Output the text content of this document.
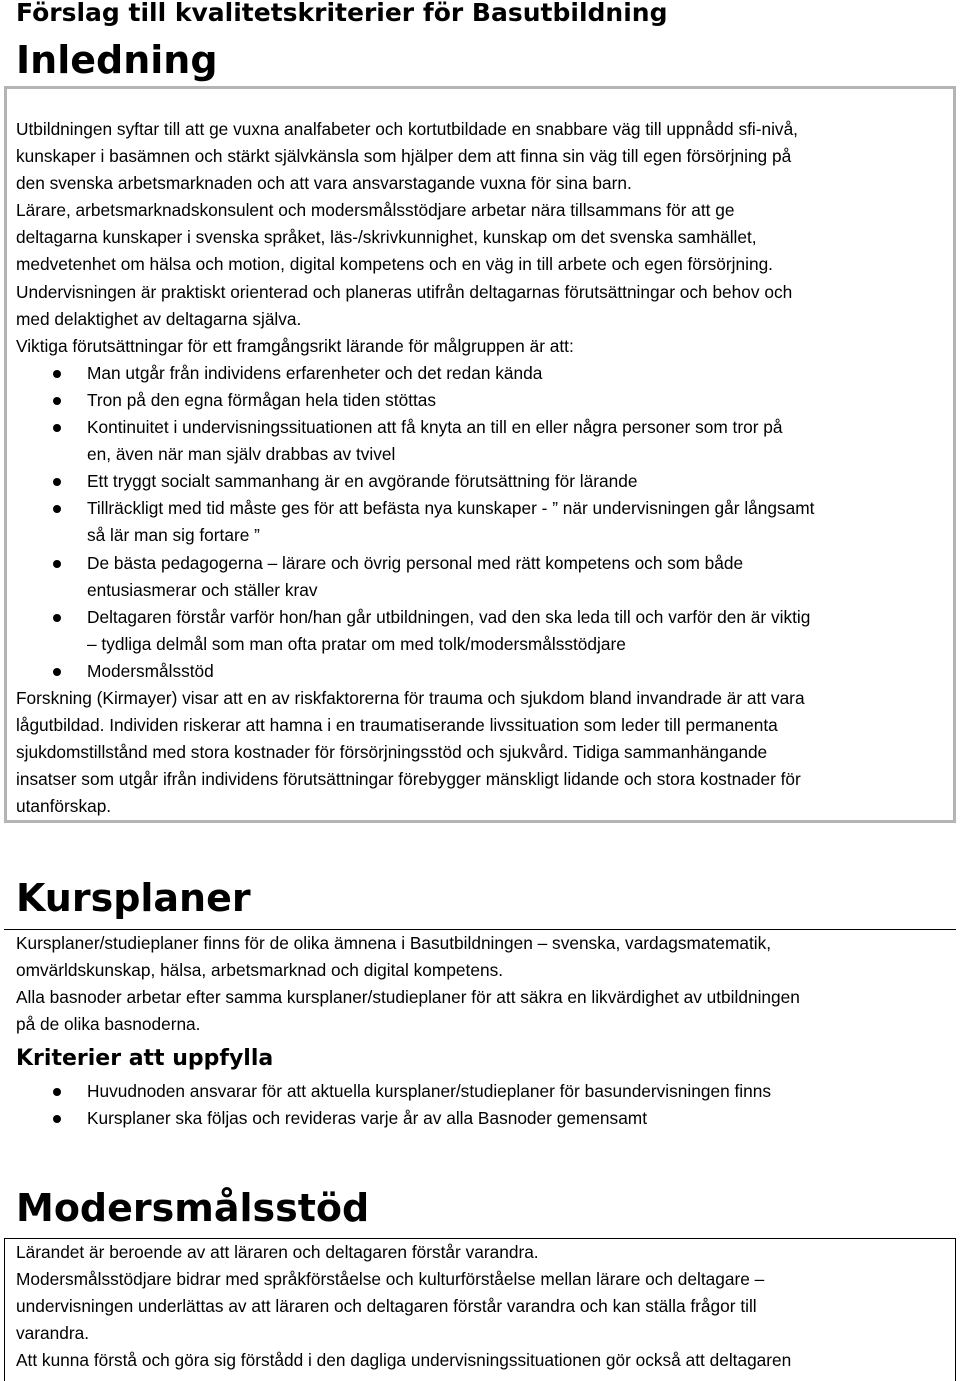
Förslag till kvalitetskriterier för Basutbildning
Inledning
Utbildningen syftar till att ge vuxna analfabeter och kortutbildade en snabbare väg till uppnådd sfi-nivå,
kunskaper i basämnen och stärkt självkänsla som hjälper dem att finna sin väg till egen försörjning på
den svenska arbetsmarknaden och att vara ansvarstagande vuxna för sina barn.
Lärare, arbetsmarknadskonsulent och modersmålsstödjare arbetar nära tillsammans för att ge
deltagarna kunskaper i svenska språket, läs-/skrivkunnighet, kunskap om det svenska samhället,
medvetenhet om hälsa och motion, digital kompetens och en väg in till arbete och egen försörjning.
Undervisningen är praktiskt orienterad och planeras utifrån deltagarnas förutsättningar och behov och
med delaktighet av deltagarna själva.
Viktiga förutsättningar för ett framgångsrikt lärande för målgruppen är att:
Man utgår från individens erfarenheter och det redan kända
Tron på den egna förmågan hela tiden stöttas
Kontinuitet i undervisningssituationen att få knyta an till en eller några personer som tror på
en, även när man själv drabbas av tvivel
Ett tryggt socialt sammanhang är en avgörande förutsättning för lärande
Tillräckligt med tid måste ges för att befästa nya kunskaper - ” när undervisningen går långsamt
så lär man sig fortare ”
De bästa pedagogerna – lärare och övrig personal med rätt kompetens och som både
entusiasmerar och ställer krav
Deltagaren förstår varför hon/han går utbildningen, vad den ska leda till och varför den är viktig
– tydliga delmål som man ofta pratar om med tolk/modersmålsstödjare
Modersmålsstöd
Forskning (Kirmayer) visar att en av riskfaktorerna för trauma och sjukdom bland invandrade är att vara
lågutbildad. Individen riskerar att hamna i en traumatiserande livssituation som leder till permanenta
sjukdomstillstånd med stora kostnader för försörjningsstöd och sjukvård. Tidiga sammanhängande
insatser som utgår ifrån individens förutsättningar förebygger mänskligt lidande och stora kostnader för
utanförskap.
Kursplaner
Kursplaner/studieplaner finns för de olika ämnena i Basutbildningen – svenska, vardagsmatematik,
omvärldskunskap, hälsa, arbetsmarknad och digital kompetens.
Alla basnoder arbetar efter samma kursplaner/studieplaner för att säkra en likvärdighet av utbildningen
på de olika basnoderna.
Kriterier att uppfylla
Huvudnoden ansvarar för att aktuella kursplaner/studieplaner för basundervisningen finns
Kursplaner ska följas och revideras varje år av alla Basnoder gemensamt
Modersmålsstöd
Lärandet är beroende av att läraren och deltagaren förstår varandra.
Modersmålsstödjare bidrar med språkförståelse och kulturförståelse mellan lärare och deltagare –
undervisningen underlättas av att läraren och deltagaren förstår varandra och kan ställa frågor till
varandra.
Att kunna förstå och göra sig förstådd i den dagliga undervisningssituationen gör också att deltagaren
